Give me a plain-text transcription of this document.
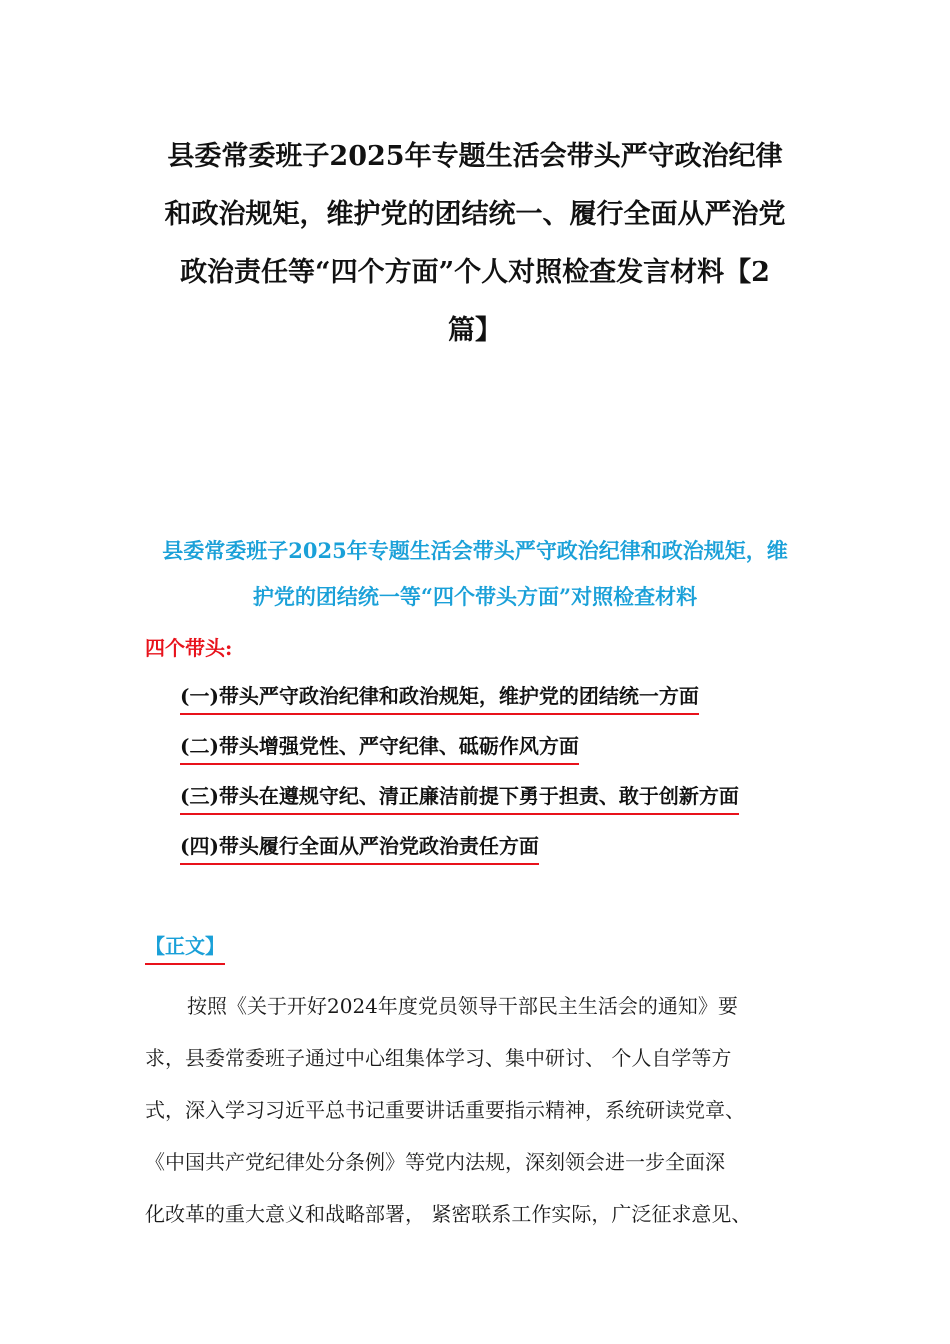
县委常委班子2025年专题生活会带头严守政治纪律
和政治规矩，维护党的团结统一、履行全面从严治党
政治责任等“四个方面”个人对照检查发言材料【2
篇】
县委常委班子2025年专题生活会带头严守政治纪律和政治规矩，维
护党的团结统一等“四个带头方面”对照检查材料

四个带头:

(一)带头严守政治纪律和政治规矩，维护党的团结统一方面
(二)带头增强党性、严守纪律、砥砺作风方面
(三)带头在遵规守纪、清正廉洁前提下勇于担责、敢于创新方面
(四)带头履行全面从严治党政治责任方面

【正文】

按照《关于开好2024年度党员领导干部民主生活会的通知》要
求，县委常委班子通过中心组集体学习、集中研讨、 个人自学等方
式，深入学习习近平总书记重要讲话重要指示精神，系统研读党章、
《中国共产党纪律处分条例》等党内法规，深刻领会进一步全面深
化改革的重大意义和战略部署， 紧密联系工作实际，广泛征求意见、
